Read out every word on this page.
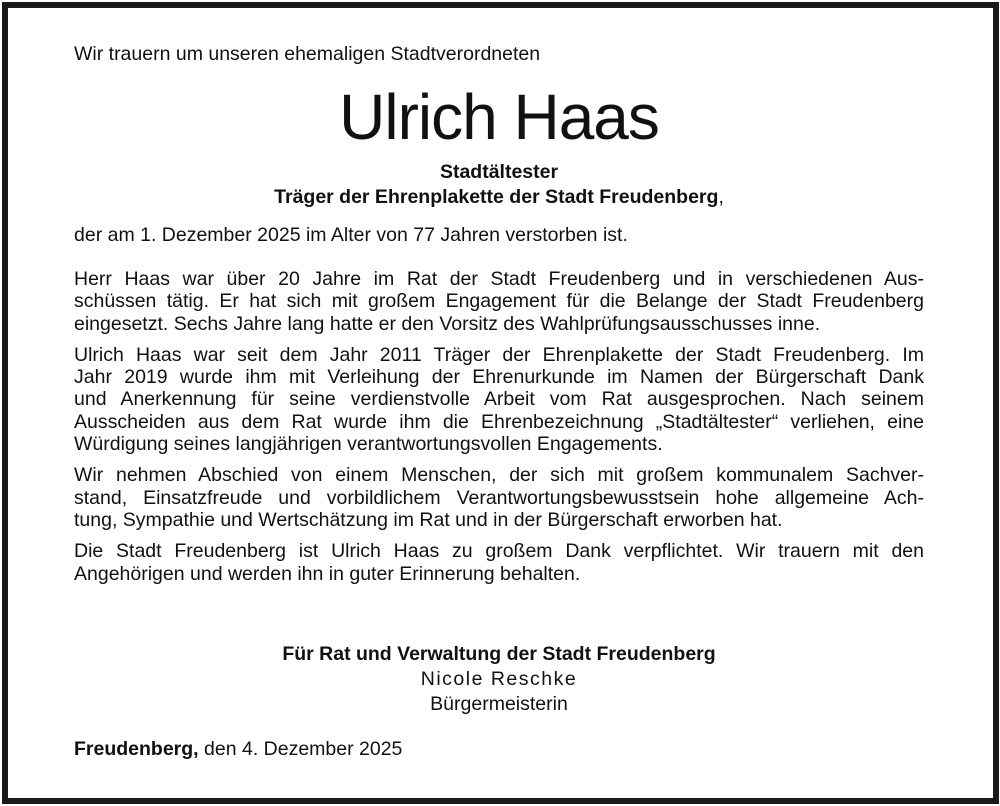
Wir trauern um unseren ehemaligen Stadtverordneten
Ulrich Haas
Stadtältester
Träger der Ehrenplakette der Stadt Freudenberg,
der am 1. Dezember 2025 im Alter von 77 Jahren verstorben ist.

Herr Haas war über 20 Jahre im Rat der Stadt Freudenberg und in verschiedenen Aus-
schüssen tätig. Er hat sich mit großem Engagement für die Belange der Stadt Freudenberg
eingesetzt. Sechs Jahre lang hatte er den Vorsitz des Wahlprüfungsausschusses inne.

Ulrich Haas war seit dem Jahr 2011 Träger der Ehrenplakette der Stadt Freudenberg. Im
Jahr 2019 wurde ihm mit Verleihung der Ehrenurkunde im Namen der Bürgerschaft Dank
und Anerkennung für seine verdienstvolle Arbeit vom Rat ausgesprochen. Nach seinem
Ausscheiden aus dem Rat wurde ihm die Ehrenbezeichnung „Stadtältester“ verliehen, eine
Würdigung seines langjährigen verantwortungsvollen Engagements.

Wir nehmen Abschied von einem Menschen, der sich mit großem kommunalem Sachver-
stand, Einsatzfreude und vorbildlichem Verantwortungsbewusstsein hohe allgemeine Ach-
tung, Sympathie und Wertschätzung im Rat und in der Bürgerschaft erworben hat.

Die Stadt Freudenberg ist Ulrich Haas zu großem Dank verpflichtet. Wir trauern mit den
Angehörigen und werden ihn in guter Erinnerung behalten.

Für Rat und Verwaltung der Stadt Freudenberg
Nicole Reschke
Bürgermeisterin
Freudenberg, den 4. Dezember 2025
